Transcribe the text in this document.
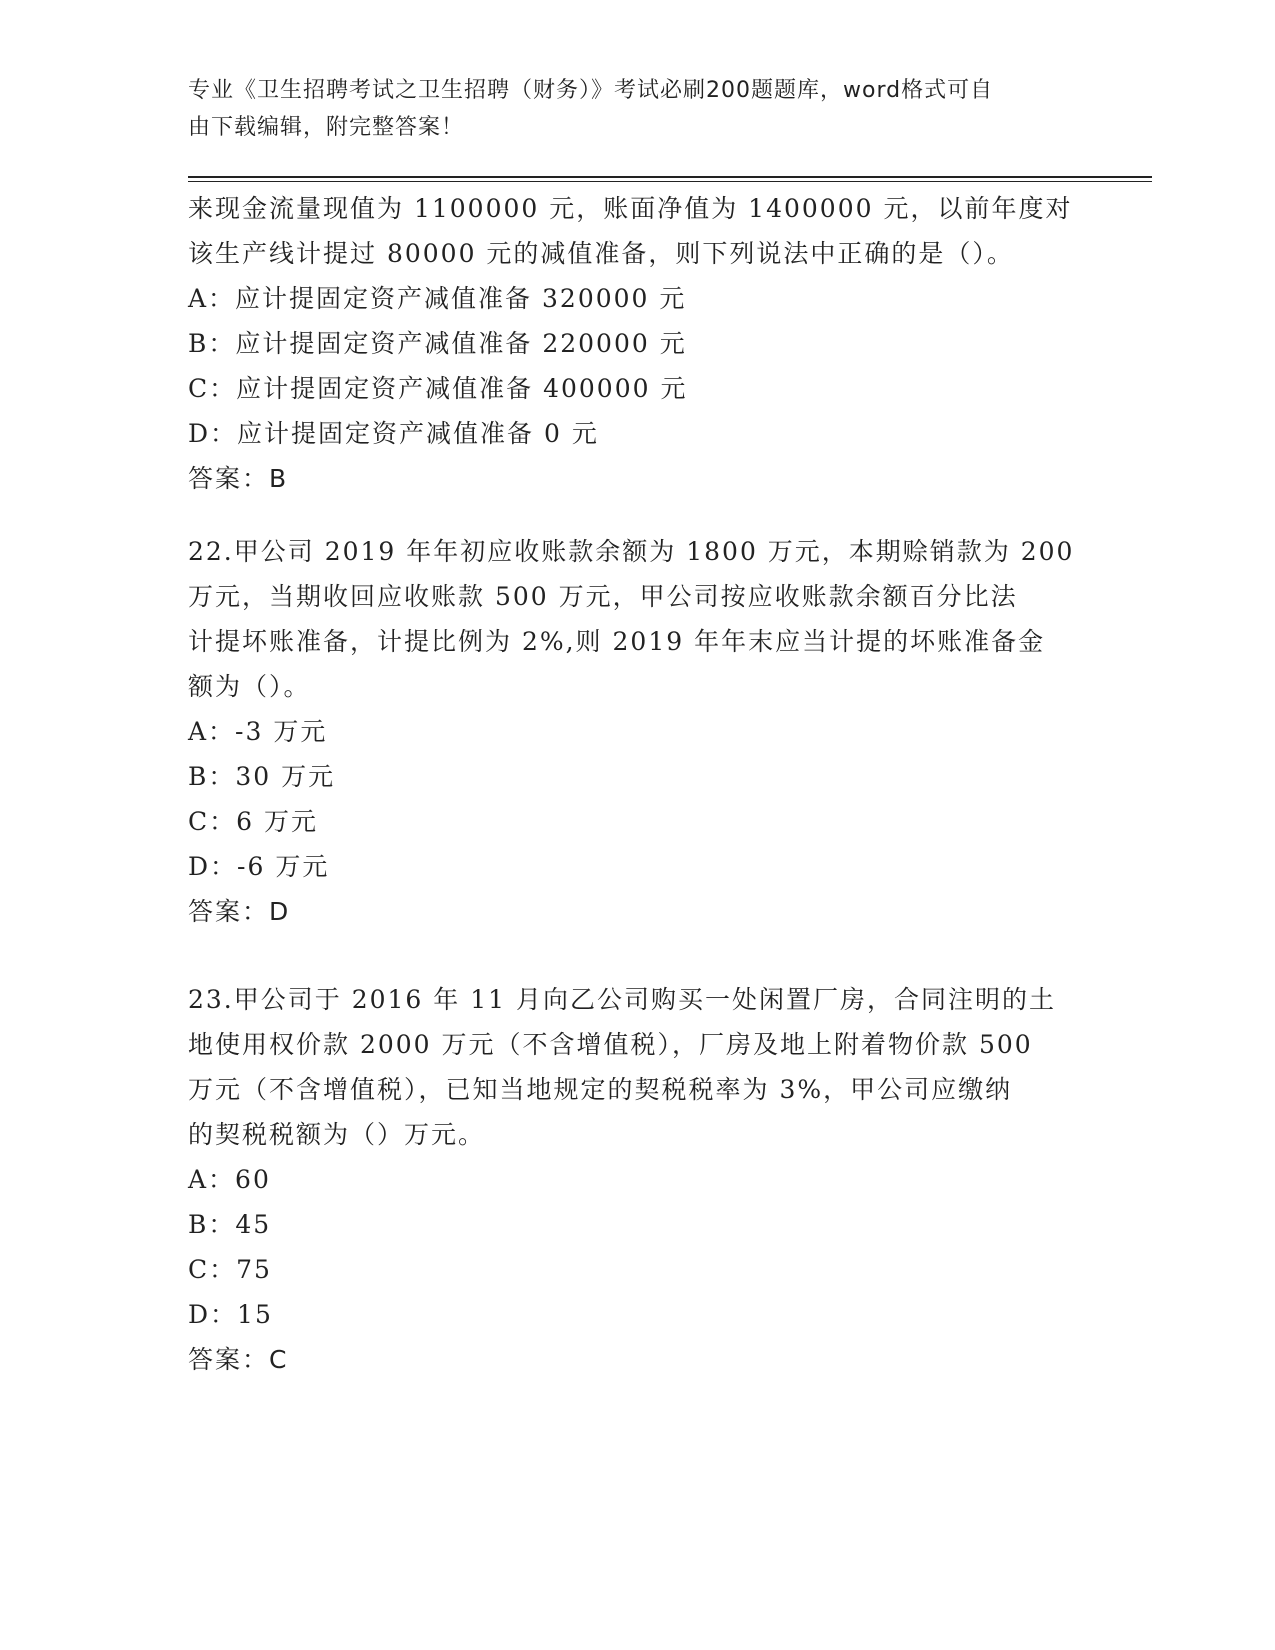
专业《卫生招聘考试之卫生招聘（财务）》考试必刷200题题库，word格式可自
由下载编辑，附完整答案！
来现金流量现值为 1100000 元，账面净值为 1400000 元，以前年度对
该生产线计提过 80000 元的减值准备，则下列说法中正确的是（）。
A：应计提固定资产减值准备 320000 元
B：应计提固定资产减值准备 220000 元
C：应计提固定资产减值准备 400000 元
D：应计提固定资产减值准备 0 元
答案：B
22.甲公司 2019 年年初应收账款余额为 1800 万元，本期赊销款为 200
万元，当期收回应收账款 500 万元，甲公司按应收账款余额百分比法
计提坏账准备，计提比例为 2%,则 2019 年年末应当计提的坏账准备金
额为（）。
A：-3 万元
B：30 万元
C：6 万元
D：-6 万元
答案：D
23.甲公司于 2016 年 11 月向乙公司购买一处闲置厂房，合同注明的土
地使用权价款 2000 万元（不含增值税），厂房及地上附着物价款 500
万元（不含增值税），已知当地规定的契税税率为 3%，甲公司应缴纳
的契税税额为（）万元。
A：60
B：45
C：75
D：15
答案：C
